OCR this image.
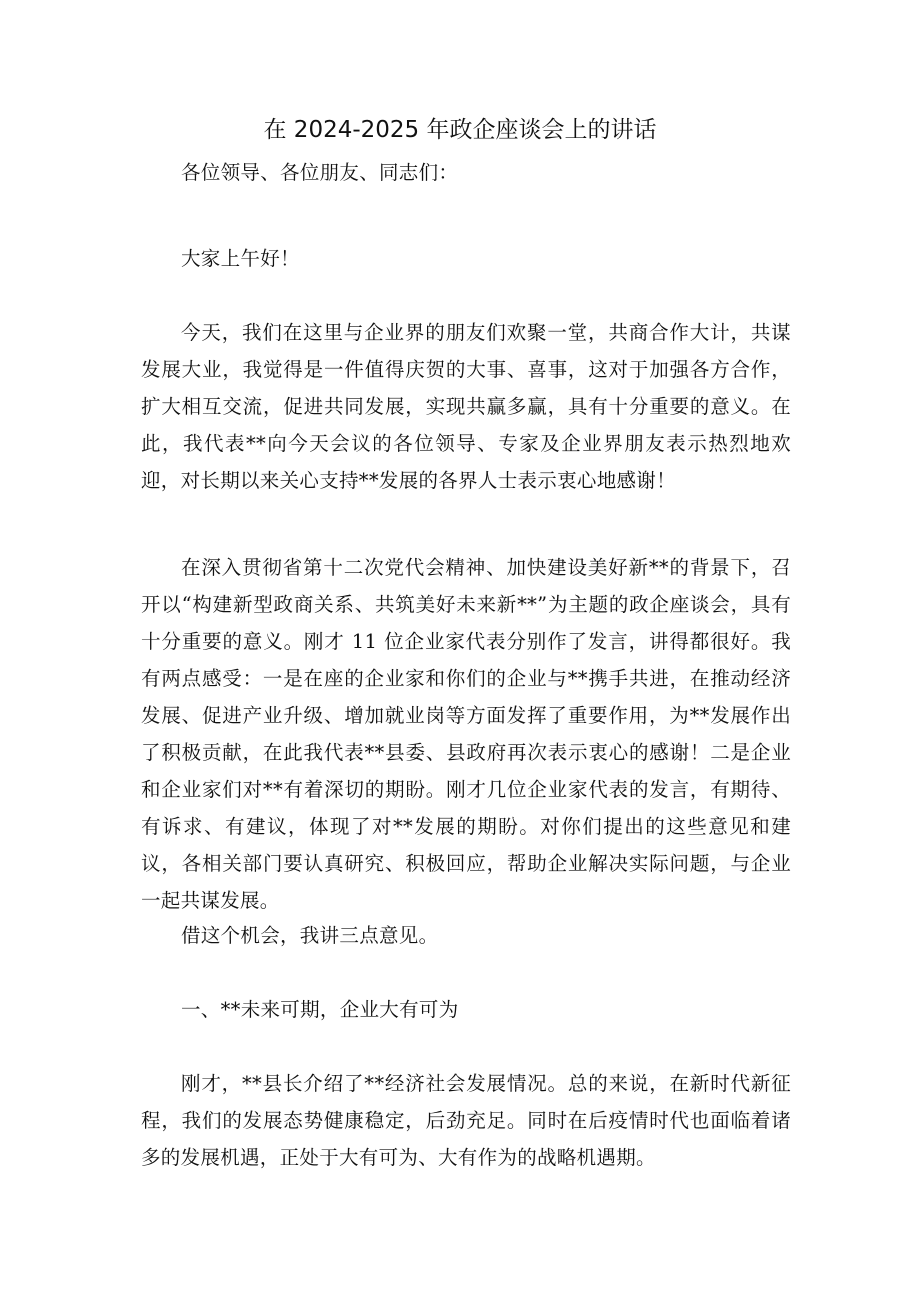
在 2024-2025 年政企座谈会上的讲话

各位领导、各位朋友、同志们：

大家上午好！

今天，我们在这里与企业界的朋友们欢聚一堂，共商合作大计，共谋发展大业，我觉得是一件值得庆贺的大事、喜事，这对于加强各方合作，扩大相互交流，促进共同发展，实现共赢多赢，具有十分重要的意义。在此，我代表**向今天会议的各位领导、专家及企业界朋友表示热烈地欢迎，对长期以来关心支持**发展的各界人士表示衷心地感谢！

在深入贯彻省第十二次党代会精神、加快建设美好新**的背景下，召开以“构建新型政商关系、共筑美好未来新**”为主题的政企座谈会，具有十分重要的意义。刚才 11 位企业家代表分别作了发言，讲得都很好。我有两点感受：一是在座的企业家和你们的企业与**携手共进，在推动经济发展、促进产业升级、增加就业岗等方面发挥了重要作用，为**发展作出了积极贡献，在此我代表**县委、县政府再次表示衷心的感谢！二是企业和企业家们对**有着深切的期盼。刚才几位企业家代表的发言，有期待、有诉求、有建议，体现了对**发展的期盼。对你们提出的这些意见和建议，各相关部门要认真研究、积极回应，帮助企业解决实际问题，与企业一起共谋发展。

借这个机会，我讲三点意见。

一、**未来可期，企业大有可为

刚才，**县长介绍了**经济社会发展情况。总的来说，在新时代新征程，我们的发展态势健康稳定，后劲充足。同时在后疫情时代也面临着诸多的发展机遇，正处于大有可为、大有作为的战略机遇期。
